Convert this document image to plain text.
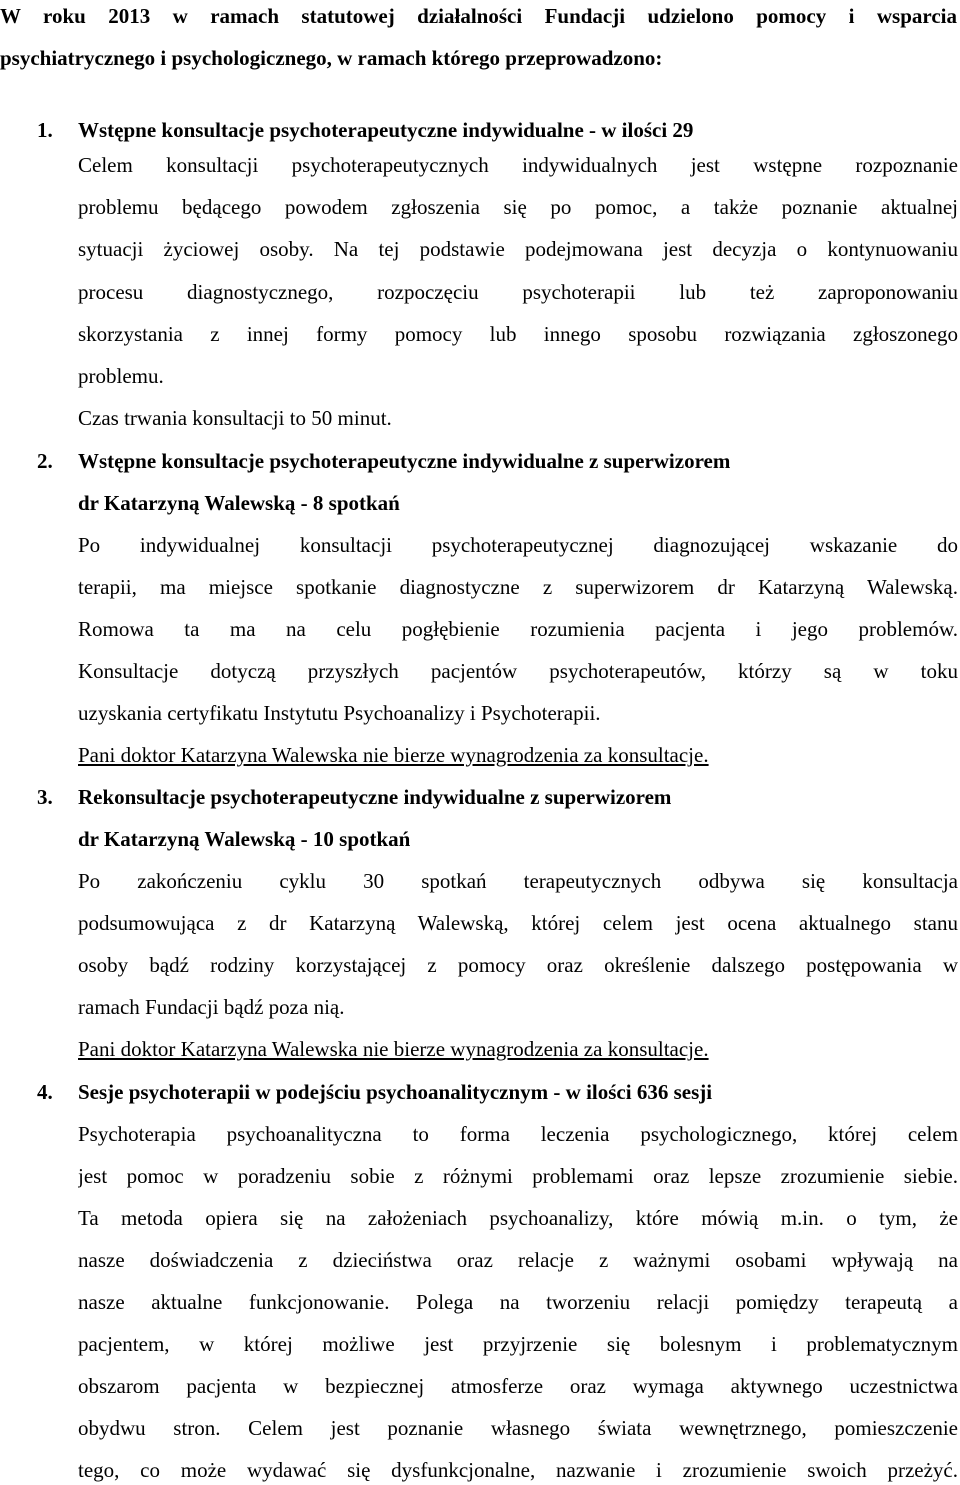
W roku 2013 w ramach statutowej działalności Fundacji udzielono pomocy i wsparcia
psychiatrycznego i psychologicznego, w ramach którego przeprowadzono:
1. Wstępne konsultacje psychoterapeutyczne indywidualne - w ilości 29
Celem konsultacji psychoterapeutycznych indywidualnych jest wstępne rozpoznanie
problemu będącego powodem zgłoszenia się po pomoc, a także poznanie aktualnej
sytuacji życiowej osoby. Na tej podstawie podejmowana jest decyzja o kontynuowaniu
procesu diagnostycznego, rozpoczęciu psychoterapii lub też zaproponowaniu
skorzystania z innej formy pomocy lub innego sposobu rozwiązania zgłoszonego
problemu.
Czas trwania konsultacji to 50 minut.
2. Wstępne konsultacje psychoterapeutyczne indywidualne z superwizorem
dr Katarzyną Walewską - 8 spotkań
Po indywidualnej konsultacji psychoterapeutycznej diagnozującej wskazanie do
terapii, ma miejsce spotkanie diagnostyczne z superwizorem dr Katarzyną Walewską.
Romowa ta ma na celu pogłębienie rozumienia pacjenta i jego problemów.
Konsultacje dotyczą przyszłych pacjentów psychoterapeutów, którzy są w toku
uzyskania certyfikatu Instytutu Psychoanalizy i Psychoterapii.
Pani doktor Katarzyna Walewska nie bierze wynagrodzenia za konsultacje.
3. Rekonsultacje psychoterapeutyczne indywidualne z superwizorem
dr Katarzyną Walewską - 10 spotkań
Po zakończeniu cyklu 30 spotkań terapeutycznych odbywa się konsultacja
podsumowująca z dr Katarzyną Walewską, której celem jest ocena aktualnego stanu
osoby bądź rodziny korzystającej z pomocy oraz określenie dalszego postępowania w
ramach Fundacji bądź poza nią.
Pani doktor Katarzyna Walewska nie bierze wynagrodzenia za konsultacje.
4. Sesje psychoterapii w podejściu psychoanalitycznym - w ilości 636 sesji
Psychoterapia psychoanalityczna to forma leczenia psychologicznego, której celem
jest pomoc w poradzeniu sobie z różnymi problemami oraz lepsze zrozumienie siebie.
Ta metoda opiera się na założeniach psychoanalizy, które mówią m.in. o tym, że
nasze doświadczenia z dzieciństwa oraz relacje z ważnymi osobami wpływają na
nasze aktualne funkcjonowanie. Polega na tworzeniu relacji pomiędzy terapeutą a
pacjentem, w której możliwe jest przyjrzenie się bolesnym i problematycznym
obszarom pacjenta w bezpiecznej atmosferze oraz wymaga aktywnego uczestnictwa
obydwu stron. Celem jest poznanie własnego świata wewnętrznego, pomieszczenie
tego, co może wydawać się dysfunkcjonalne, nazwanie i zrozumienie swoich przeżyć.
